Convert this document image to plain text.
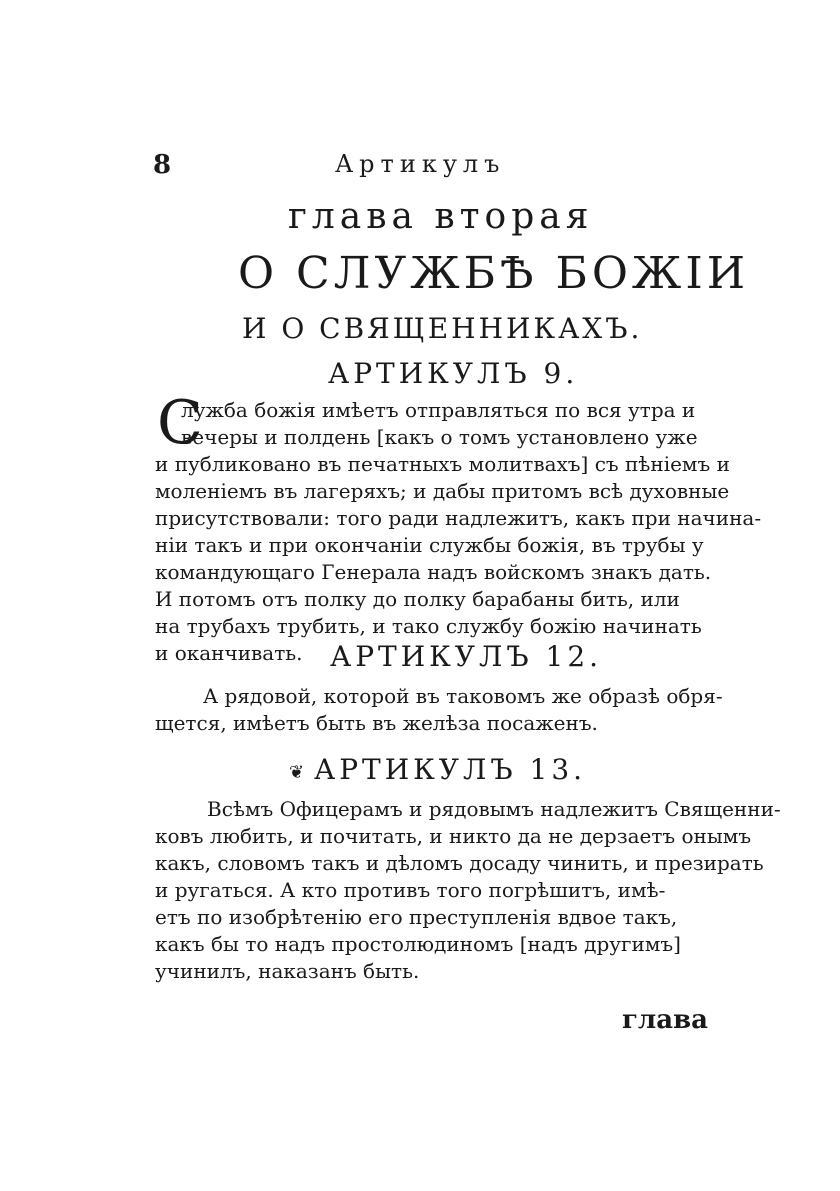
8	Артикулъ
глава вторая
О СЛУЖБѢ БОЖІИ
И О СВЯЩЕННИКАХЪ.
АРТИКУЛЪ 9.
С
лужба божія имѣетъ отправляться по вся утра и
вечеры и полдень [какъ о томъ установлено уже
и публиковано въ печатныхъ молитвахъ] съ пѣніемъ и
моленіемъ въ лагеряхъ; и дабы притомъ всѣ духовные
присутствовали: того ради надлежитъ, какъ при начина-
ніи такъ и при окончаніи службы божія, въ трубы у
командующаго Генерала надъ войскомъ знакъ дать.
И потомъ отъ полку до полку барабаны бить, или
на трубахъ трубить, и тако службу божію начинать
и оканчивать. АРТИКУЛЪ 12.
А рядовой, которой въ таковомъ же образѣ обря-
щется, имѣетъ быть въ желѣза посаженъ.
❦ АРТИКУЛЪ 13.
Всѣмъ Офицерамъ и рядовымъ надлежитъ Священни-
ковъ любить, и почитать, и никто да не дерзаетъ онымъ
какъ, словомъ такъ и дѣломъ досаду чинить, и презирать
и ругаться. А кто противъ того погрѣшитъ, имѣ-
етъ по изобрѣтенію его преступленія вдвое такъ,
какъ бы то надъ простолюдиномъ [надъ другимъ]
учинилъ, наказанъ быть.
глава
